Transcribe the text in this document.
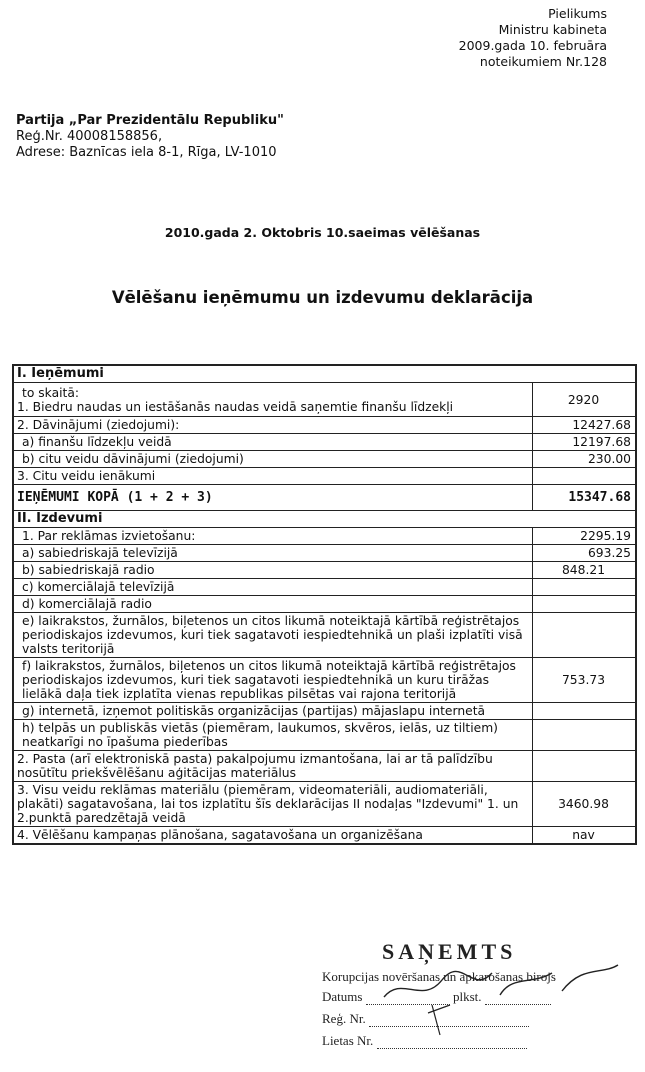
Pielikums
Ministru kabineta
2009.gada 10. februāra
noteikumiem Nr.128
Partija „Par Prezidentālu Republiku"
Reģ.Nr. 40008158856,
Adrese: Baznīcas iela 8-1, Rīga, LV-1010
2010.gada 2. Oktobris 10.saeimas vēlēšanas
Vēlēšanu ieņēmumu un izdevumu deklarācija
I. Ieņēmumi	

to skaitā:
1. Biedru naudas un iestāšanās naudas veidā saņemtie finanšu līdzekļi	2920
2. Dāvinājumi (ziedojumi):	12427.68
a) finanšu līdzekļu veidā	12197.68
b) citu veidu dāvinājumi (ziedojumi)	230.00
3. Citu veidu ienākumi	
IEŅĒMUMI KOPĀ (1 + 2 + 3)	15347.68
II. Izdevumi	
1. Par reklāmas izvietošanu:	2295.19
a) sabiedriskajā televīzijā	693.25
b) sabiedriskajā radio	848.21
c) komerciālajā televīzijā	
d) komerciālajā radio	
e) laikrakstos, žurnālos, biļetenos un citos likumā noteiktajā kārtībā reģistrētajos periodiskajos izdevumos, kuri tiek sagatavoti iespiedtehnikā un plaši izplatīti visā valsts teritorijā	
f) laikrakstos, žurnālos, biļetenos un citos likumā noteiktajā kārtībā reģistrētajos periodiskajos izdevumos, kuri tiek sagatavoti iespiedtehnikā un kuru tirāžas lielākā daļa tiek izplatīta vienas republikas pilsētas vai rajona teritorijā	753.73
g) internetā, izņemot politiskās organizācijas (partijas) mājaslapu internetā	
h) telpās un publiskās vietās (piemēram, laukumos, skvēros, ielās, uz tiltiem) neatkarīgi no īpašuma piederības	
2. Pasta (arī elektroniskā pasta) pakalpojumu izmantošana, lai ar tā palīdzību nosūtītu priekšvēlēšanu aģitācijas materiālus	
3. Visu veidu reklāmas materiālu (piemēram, videomateriāli, audiomateriāli, plakāti) sagatavošana, lai tos izplatītu šīs deklarācijas II nodaļas "Izdevumi" 1. un 2.punktā paredzētajā veidā	3460.98
4. Vēlēšanu kampaņas plānošana, sagatavošana un organizēšana	nav
SAŅEMTS
Korupcijas novēršanas un apkarošanas birojs
Datums	plkst.
Reģ. Nr.
Lietas Nr.
